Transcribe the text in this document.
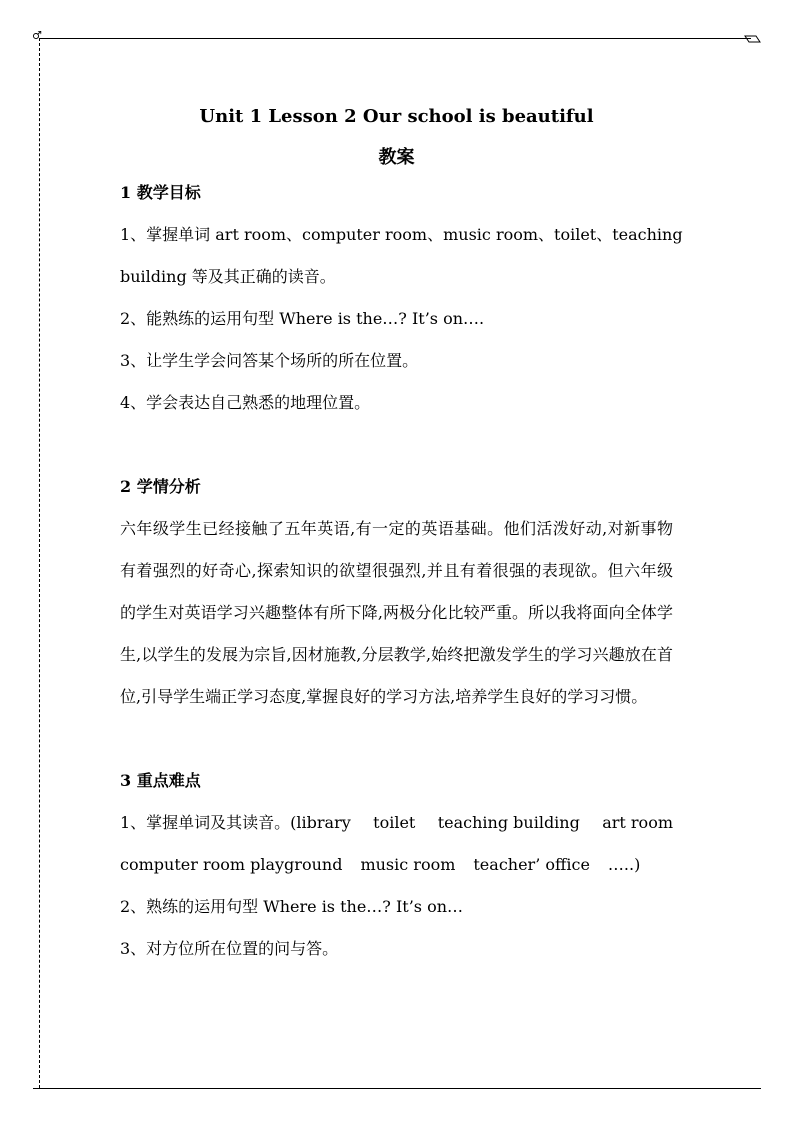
♂
Unit 1 Lesson 2 Our school is beautiful
教案
1 教学目标
1、掌握单词 art room、computer room、music room、toilet、teaching
building 等及其正确的读音。
2、能熟练的运用句型 Where is the…? It’s on….
3、让学生学会问答某个场所的所在位置。
4、学会表达自己熟悉的地理位置。
2 学情分析
六年级学生已经接触了五年英语,有一定的英语基础。他们活泼好动,对新事物有着强烈的好奇心,探索知识的欲望很强烈,并且有着很强的表现欲。但六年级的学生对英语学习兴趣整体有所下降,两极分化比较严重。所以我将面向全体学生,以学生的发展为宗旨,因材施教,分层教学,始终把激发学生的学习兴趣放在首位,引导学生端正学习态度,掌握良好的学习方法,培养学生良好的学习习惯。
3 重点难点
1、掌握单词及其读音。(library toilet teaching building art room
computer room playground music room teacher’ office …..)
2、熟练的运用句型 Where is the…? It’s on…
3、对方位所在位置的问与答。
